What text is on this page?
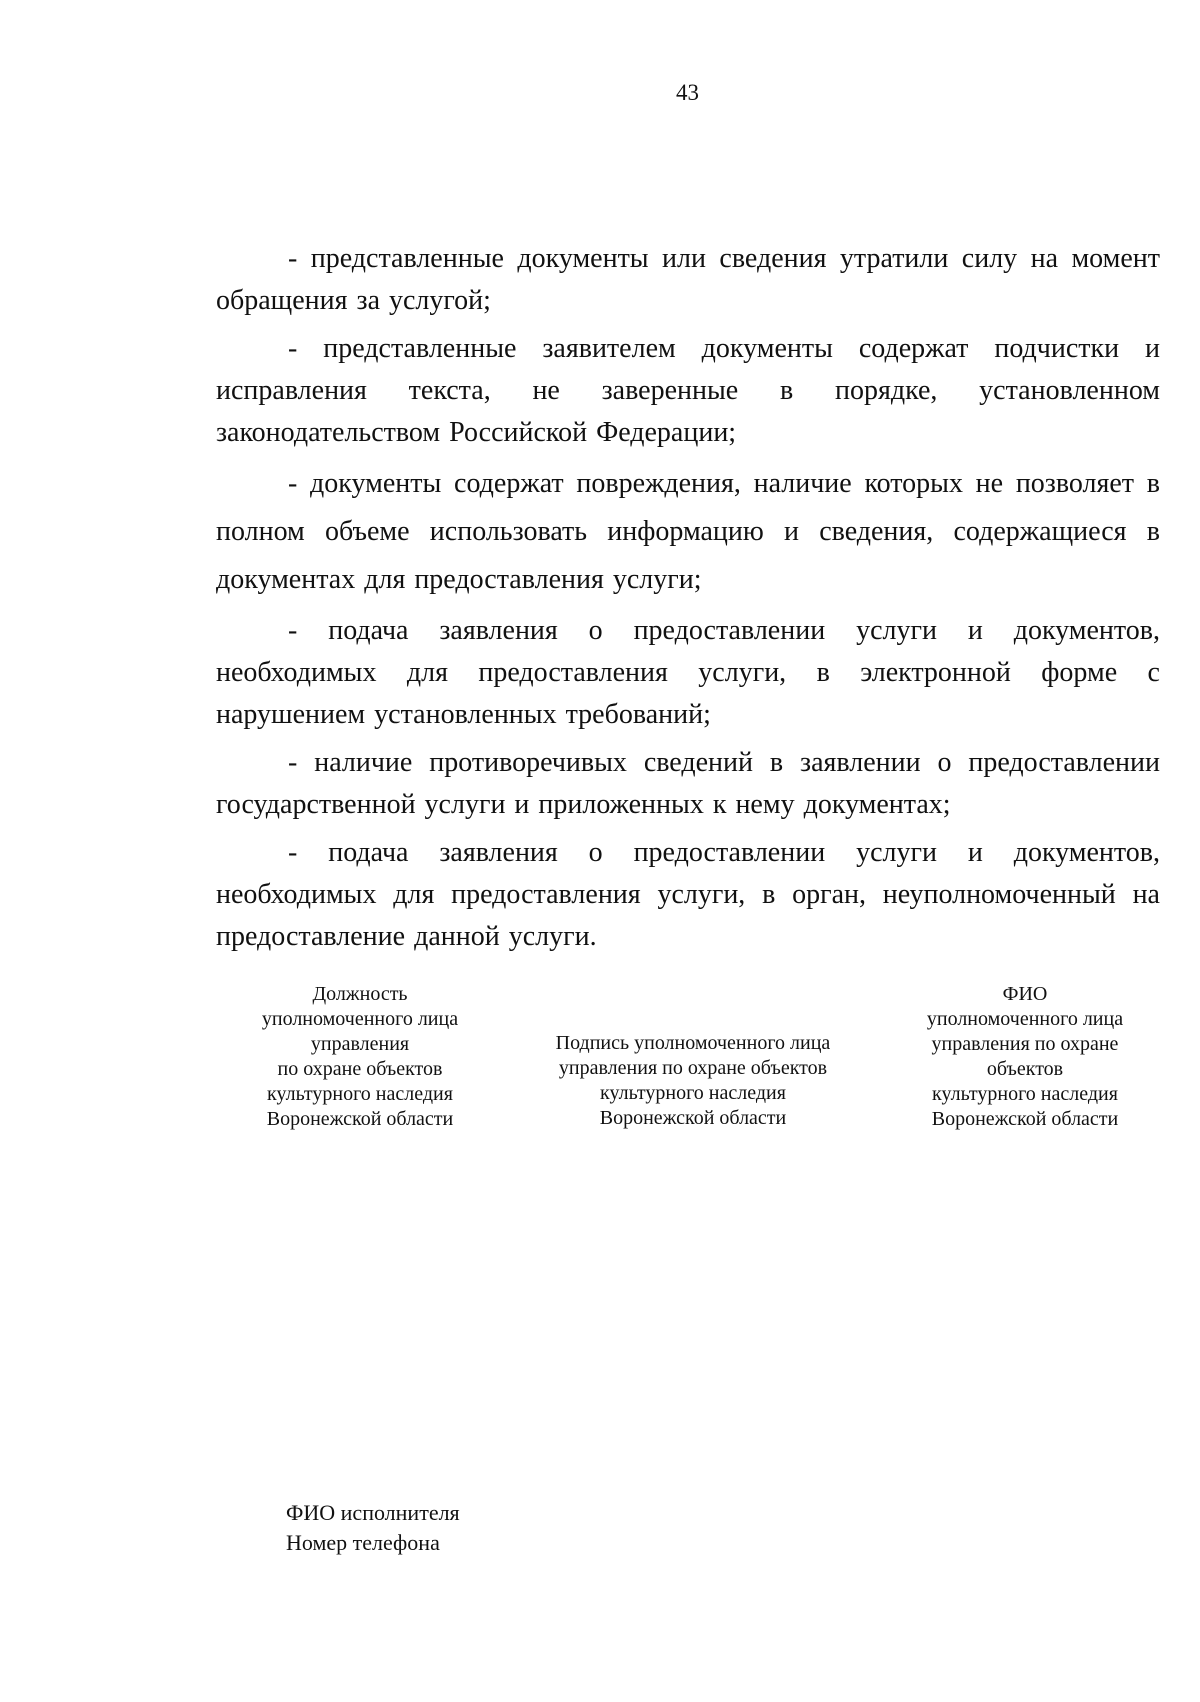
43

- представленные документы или сведения утратили силу на момент обращения за услугой;

- представленные заявителем документы содержат подчистки и исправления текста, не заверенные в порядке, установленном законодательством Российской Федерации;

- документы содержат повреждения, наличие которых не позволяет в полном объеме использовать информацию и сведения, содержащиеся в документах для предоставления услуги;

- подача заявления о предоставлении услуги и документов, необходимых для предоставления услуги, в электронной форме с нарушением установленных требований;

- наличие противоречивых сведений в заявлении о предоставлении государственной услуги и приложенных к нему документах;

- подача заявления о предоставлении услуги и документов, необходимых для предоставления услуги, в орган, неуполномоченный на предоставление данной услуги.

Должность
уполномоченного лица
управления
по охране объектов
культурного наследия
Воронежской области
Подпись уполномоченного лица
управления по охране объектов
культурного наследия
Воронежской области
ФИО
уполномоченного лица
управления по охране
объектов
культурного наследия
Воронежской области
ФИО исполнителя
Номер телефона
